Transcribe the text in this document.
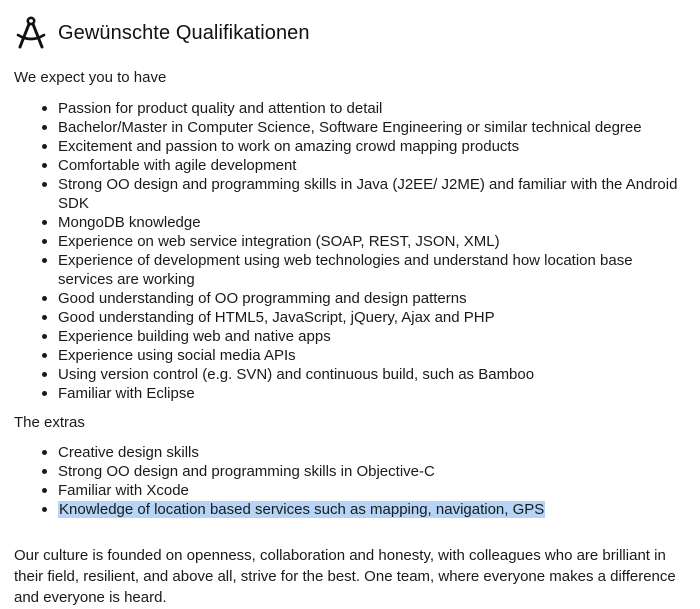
Gewünschte Qualifikationen
We expect you to have
Passion for product quality and attention to detail
Bachelor/Master in Computer Science, Software Engineering or similar technical degree
Excitement and passion to work on amazing crowd mapping products
Comfortable with agile development
Strong OO design and programming skills in Java (J2EE/ J2ME) and familiar with the Android SDK
MongoDB knowledge
Experience on web service integration (SOAP, REST, JSON, XML)
Experience of development using web technologies and understand how location base services are working
Good understanding of OO programming and design patterns
Good understanding of HTML5, JavaScript, jQuery, Ajax and PHP
Experience building web and native apps
Experience using social media APIs
Using version control (e.g. SVN) and continuous build, such as Bamboo
Familiar with Eclipse
The extras
Creative design skills
Strong OO design and programming skills in Objective-C
Familiar with Xcode
Knowledge of location based services such as mapping, navigation, GPS
Our culture is founded on openness, collaboration and honesty, with colleagues who are brilliant in their field, resilient, and above all, strive for the best. One team, where everyone makes a difference and everyone is heard.
